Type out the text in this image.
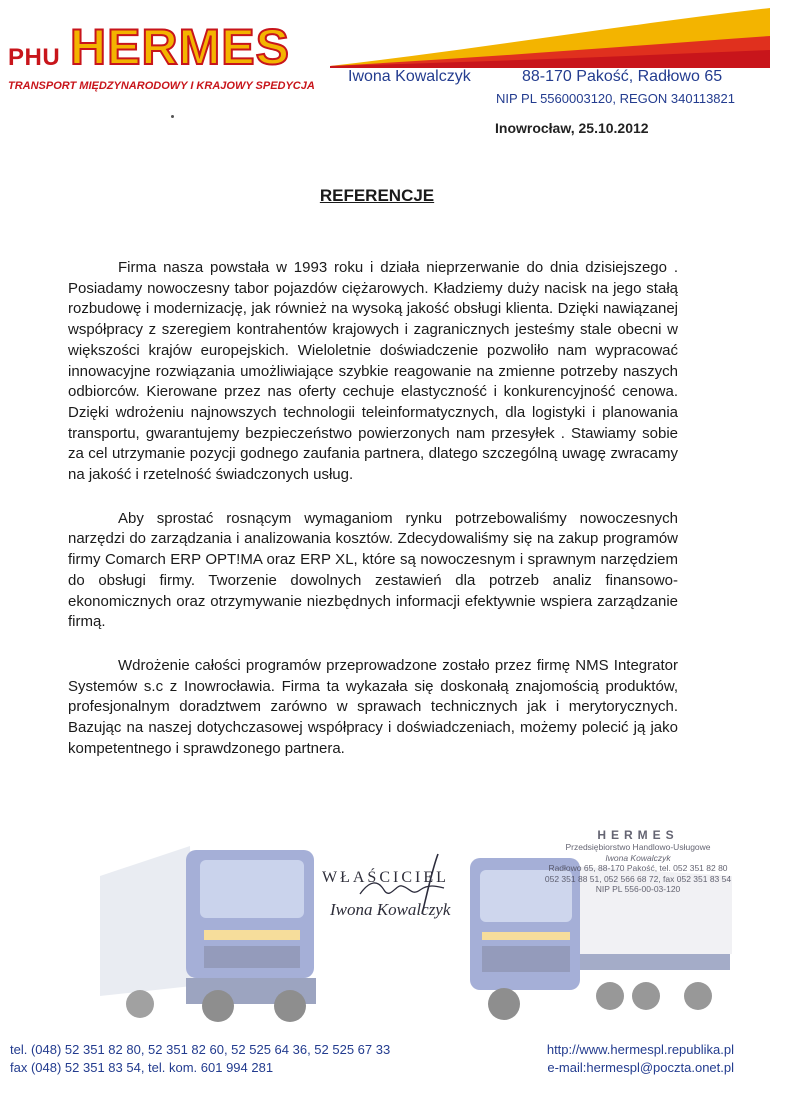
PHU HERMES
TRANSPORT MIĘDZYNARODOWY I KRAJOWY SPEDYCJA
Iwona Kowalczyk	88-170 Pakość, Radłowo 65
NIP PL 5560003120, REGON 340113821
Inowrocław, 25.10.2012
REFERENCJE

Firma nasza powstała w 1993 roku i działa nieprzerwanie do dnia dzisiejszego . Posiadamy nowoczesny tabor pojazdów ciężarowych. Kładziemy duży nacisk na jego stałą rozbudowę i modernizację, jak również na wysoką jakość obsługi klienta. Dzięki nawiązanej współpracy z szeregiem kontrahentów krajowych i zagranicznych jesteśmy stale obecni w większości krajów europejskich. Wieloletnie doświadczenie pozwoliło nam wypracować innowacyjne rozwiązania umożliwiające szybkie reagowanie na zmienne potrzeby naszych odbiorców. Kierowane przez nas oferty cechuje elastyczność i konkurencyjność cenowa. Dzięki wdrożeniu najnowszych technologii teleinformatycznych, dla logistyki i planowania transportu, gwarantujemy bezpieczeństwo powierzonych nam przesyłek . Stawiamy sobie za cel utrzymanie pozycji godnego zaufania partnera, dlatego szczególną uwagę zwracamy na jakość i rzetelność świadczonych usług.

Aby sprostać rosnącym wymaganiom rynku potrzebowaliśmy nowoczesnych narzędzi do zarządzania i analizowania kosztów. Zdecydowaliśmy się na zakup programów firmy Comarch ERP OPT!MA oraz ERP XL, które są nowoczesnym i sprawnym narzędziem do obsługi firmy. Tworzenie dowolnych zestawień dla potrzeb analiz finansowo-ekonomicznych oraz otrzymywanie niezbędnych informacji efektywnie wspiera zarządzanie firmą.

Wdrożenie całości programów przeprowadzone zostało przez firmę NMS Integrator Systemów s.c z Inowrocławia. Firma ta wykazała się doskonałą znajomością produktów, profesjonalnym doradztwem zarówno w sprawach technicznych jak i merytorycznych. Bazując na naszej dotychczasowej współpracy i doświadczeniach, możemy polecić ją jako kompetentnego i sprawdzonego partnera.

HERMES
Przedsiębiorstwo Handlowo-Usługowe
Iwona Kowalczyk
Radłowo 65, 88-170 Pakość, tel. 052 351 82 80
052 351 88 51, 052 566 68 72, fax 052 351 83 54
NIP PL 556-00-03-120
WŁAŚCICIEL
Iwona Kowalczyk
tel. (048) 52 351 82 80, 52 351 82 60, 52 525 64 36, 52 525 67 33
fax (048) 52 351 83 54, tel. kom. 601 994 281
http://www.hermespl.republika.pl
e-mail:hermespl@poczta.onet.pl
